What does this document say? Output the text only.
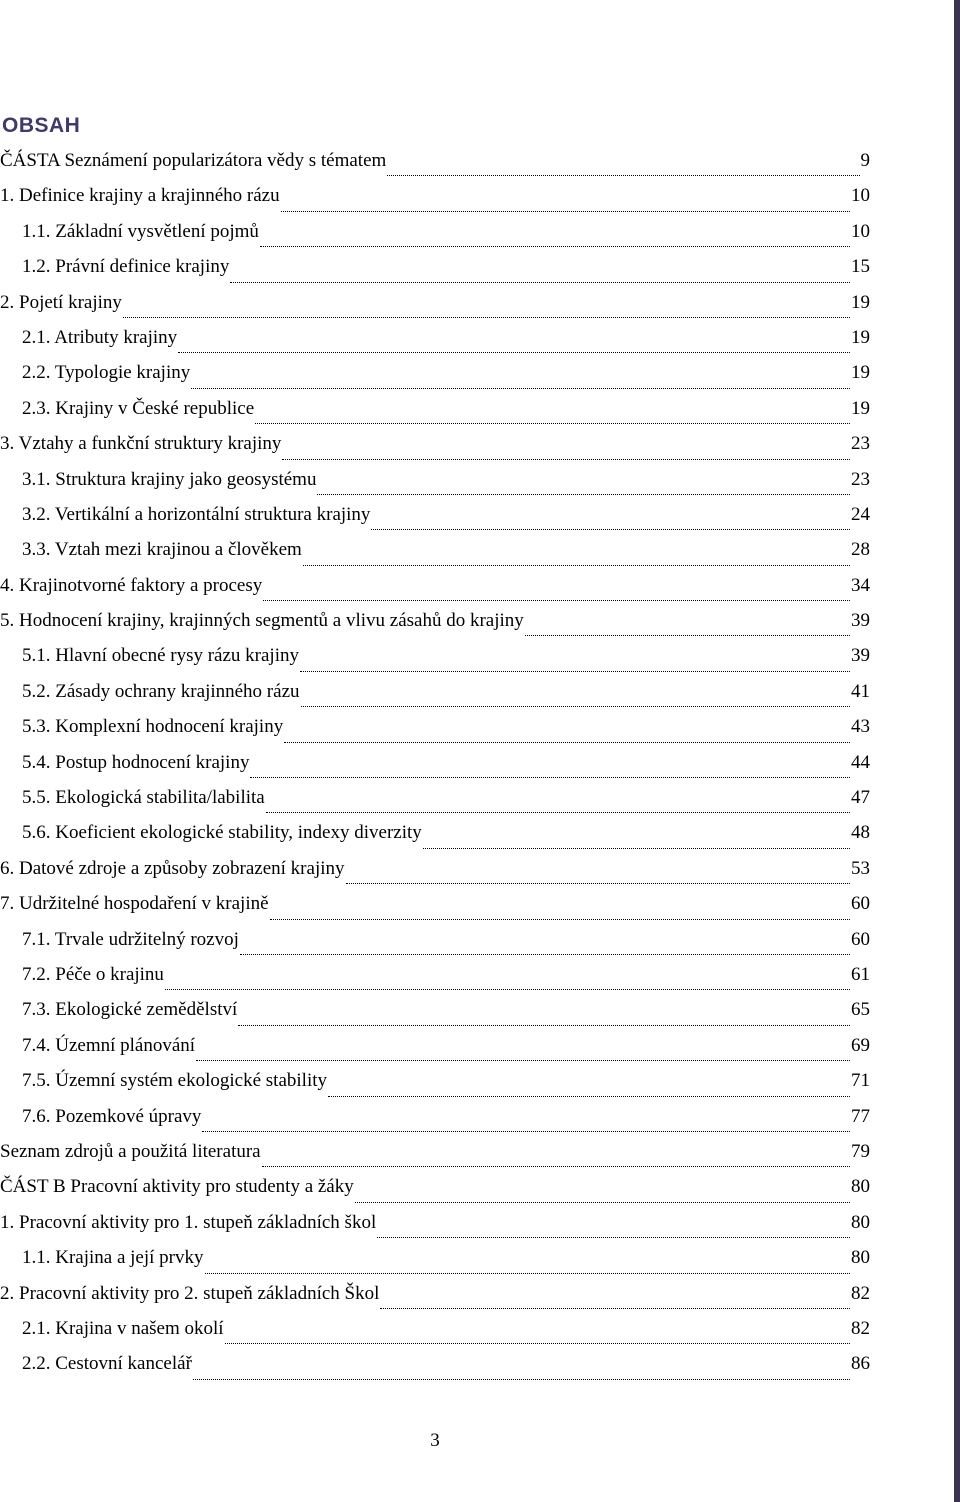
OBSAH
ČÁSTA Seznámení popularizátora vědy s tématem	9
1. Definice krajiny a krajinného rázu	10
1.1. Základní vysvětlení pojmů	10
1.2. Právní definice krajiny	15
2. Pojetí krajiny	19
2.1. Atributy krajiny	19
2.2. Typologie krajiny	19
2.3. Krajiny v České republice	19
3. Vztahy a funkční struktury krajiny	23
3.1. Struktura krajiny jako geosystému	23
3.2. Vertikální a horizontální struktura krajiny	24
3.3. Vztah mezi krajinou a člověkem	28
4. Krajinotvorné faktory a procesy	34
5. Hodnocení krajiny, krajinných segmentů a vlivu zásahů do krajiny	39
5.1. Hlavní obecné rysy rázu krajiny	39
5.2. Zásady ochrany krajinného rázu	41
5.3. Komplexní hodnocení krajiny	43
5.4. Postup hodnocení krajiny	44
5.5. Ekologická stabilita/labilita	47
5.6. Koeficient ekologické stability, indexy diverzity	48
6. Datové zdroje a způsoby zobrazení krajiny	53
7. Udržitelné hospodaření v krajině	60
7.1. Trvale udržitelný rozvoj	60
7.2. Péče o krajinu	61
7.3. Ekologické zemědělství	65
7.4. Územní plánování	69
7.5. Územní systém ekologické stability	71
7.6. Pozemkové úpravy	77
Seznam zdrojů a použitá literatura	79
ČÁST B Pracovní aktivity pro studenty a žáky	80
1. Pracovní aktivity pro 1. stupeň základních škol	80
1.1. Krajina a její prvky	80
2. Pracovní aktivity pro 2. stupeň základních Škol	82
2.1. Krajina v našem okolí	82
2.2. Cestovní kancelář	86
3
